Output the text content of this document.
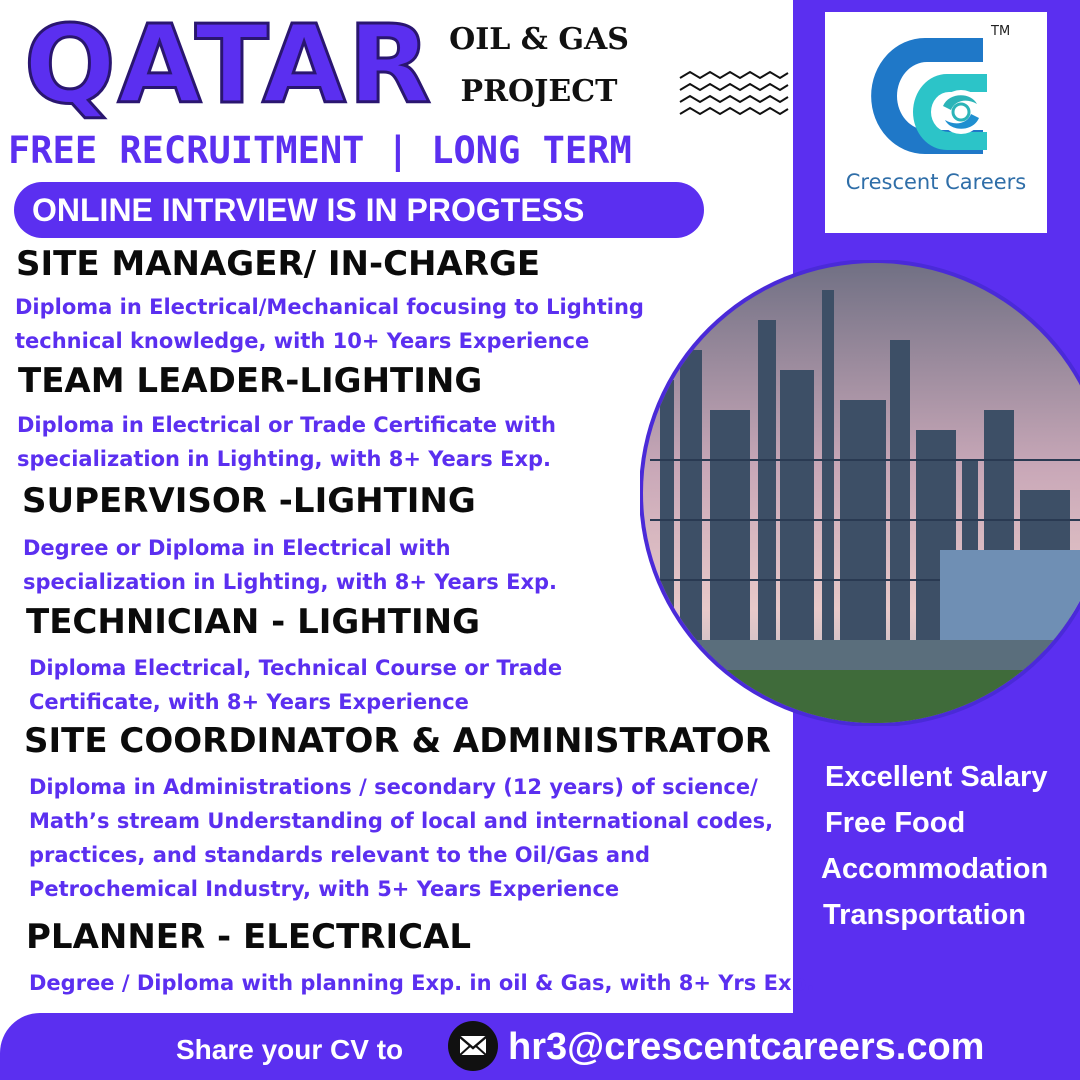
QATAR OIL & GAS
PROJECT
FREE RECRUITMENT | LONG TERM
ONLINE INTRVIEW IS IN PROGTESS
SITE MANAGER/ IN-CHARGE
Diploma in Electrical/Mechanical focusing to Lighting
technical knowledge, with 10+ Years Experience
TEAM LEADER-LIGHTING
Diploma in Electrical or Trade Certificate with
specialization in Lighting, with 8+ Years Exp.
SUPERVISOR -LIGHTING
Degree or Diploma in Electrical with
specialization in Lighting, with 8+ Years Exp.
TECHNICIAN - LIGHTING
Diploma Electrical, Technical Course or Trade
Certificate, with 8+ Years Experience
SITE COORDINATOR & ADMINISTRATOR
Diploma in Administrations / secondary (12 years) of science/
Math’s stream Understanding of local and international codes,
practices, and standards relevant to the Oil/Gas and
Petrochemical Industry, with 5+ Years Experience
PLANNER - ELECTRICAL
Degree / Diploma with planning Exp. in oil & Gas, with 8+ Yrs Exp.
TM
Crescent Careers
Excellent Salary
Free Food
Accommodation
Transportation
Share your CV to	hr3@crescentcareers.com
